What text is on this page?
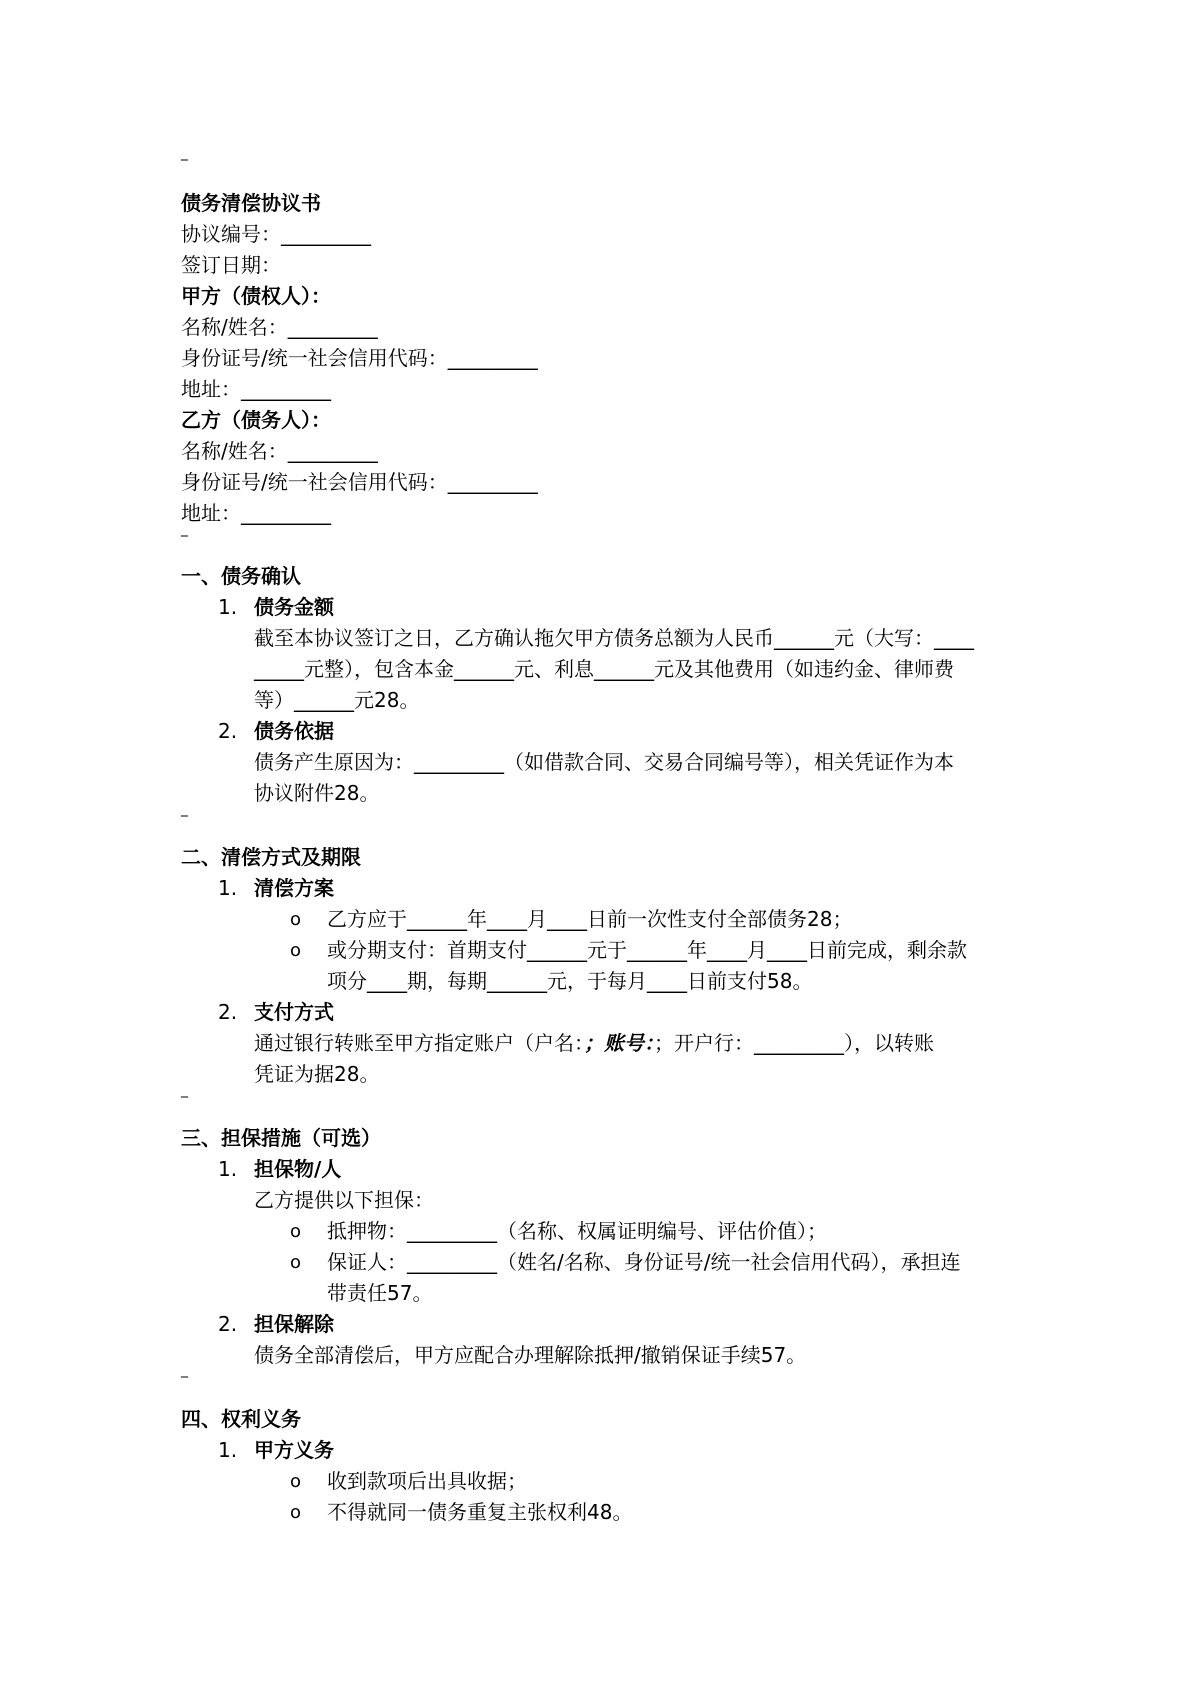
_
债务清偿协议书
协议编号：_________
签订日期：
甲方（债权人）：
名称/姓名：_________
身份证号/统一社会信用代码：_________
地址：_________
乙方（债务人）：
名称/姓名：_________
身份证号/统一社会信用代码：_________
地址：_________
_
一、债务确认
1. 债务金额
截至本协议签订之日，乙方确认拖欠甲方债务总额为人民币______元（大写：____
_____元整），包含本金______元、利息______元及其他费用（如违约金、律师费
等）______元28。
2. 债务依据
债务产生原因为：_________（如借款合同、交易合同编号等），相关凭证作为本
协议附件28。
_
二、清偿方式及期限
1. 清偿方案
o 乙方应于______年____月____日前一次性支付全部债务28；
o 或分期支付：首期支付______元于______年____月____日前完成，剩余款
项分____期，每期______元，于每月____日前支付58。
2. 支付方式
通过银行转账至甲方指定账户（户名：；账号：；开户行：_________），以转账
凭证为据28。
_
三、担保措施（可选）
1. 担保物/人
乙方提供以下担保：
o 抵押物：_________（名称、权属证明编号、评估价值）；
o 保证人：_________（姓名/名称、身份证号/统一社会信用代码），承担连
带责任57。
2. 担保解除
债务全部清偿后，甲方应配合办理解除抵押/撤销保证手续57。
_
四、权利义务
1. 甲方义务
o 收到款项后出具收据；
o 不得就同一债务重复主张权利48。
